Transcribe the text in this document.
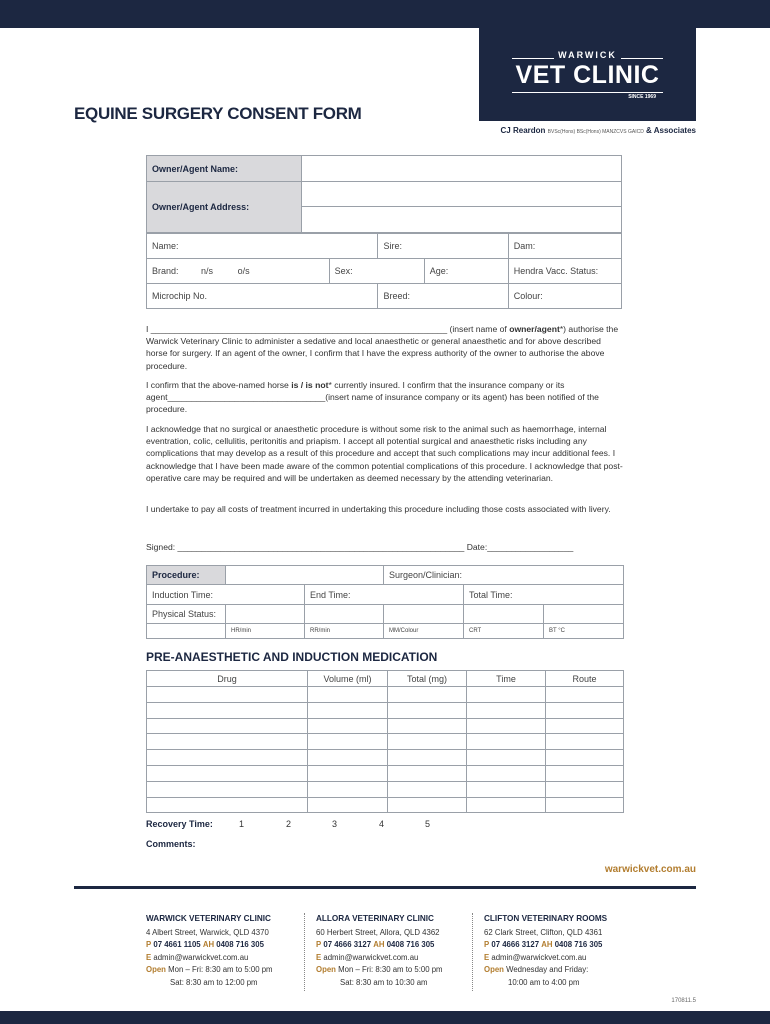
WARWICK
VET CLINIC
SINCE 1969
CJ Reardon BVSc(Hons) BSc(Hons) MANZCVS GAICD & Associates
EQUINE SURGERY CONSENT FORM
Owner/Agent Name:	
Owner/Agent Address:	

Name:		Sire:		Dam:
Brand: n/s o/s	Sex:		Age:	Hendra Vacc. Status:
Microchip No.		Breed:		Colour:
I ______________________________________________________________ (insert name of owner/agent*) authorise the Warwick Veterinary Clinic to administer a sedative and local anaesthetic or general anaesthetic and for above described horse for surgery. If an agent of the owner, I confirm that I have the express authority of the owner to authorise the above procedure.
I confirm that the above-named horse is / is not* currently insured. I confirm that the insurance company or its agent_________________________________(insert name of insurance company or its agent) has been notified of the procedure.
I acknowledge that no surgical or anaesthetic procedure is without some risk to the animal such as haemorrhage, internal eventration, colic, cellulitis, peritonitis and priapism. I accept all potential surgical and anaesthetic risks including any complications that may develop as a result of this procedure and accept that such complications may incur additional fees. I acknowledge that I have been made aware of the common potential complications of this procedure. I acknowledge that post-operative care may be required and will be undertaken as deemed necessary by the attending veterinarian.
I undertake to pay all costs of treatment incurred in undertaking this procedure including those costs associated with livery.
Signed: ____________________________________________________________ Date:__________________
Procedure:			Surgeon/Clinician:		
Induction Time:		End Time:		Total Time:	
Physical Status:					
	HR/min	RR/min	MM/Colour	CRT	BT °C
PRE-ANAESTHETIC AND INDUCTION MEDICATION
Drug	Volume (ml)	Total (mg)	Time	Route

Recovery Time:	1	2	3	4	5
Comments:
warwickvet.com.au
WARWICK VETERINARY CLINIC
4 Albert Street, Warwick, QLD 4370
P 07 4661 1105 AH 0408 716 305
E admin@warwickvet.com.au
Open Mon – Fri: 8:30 am to 5:00 pm
Sat: 8:30 am to 12:00 pm
ALLORA VETERINARY CLINIC
60 Herbert Street, Allora, QLD 4362
P 07 4666 3127 AH 0408 716 305
E admin@warwickvet.com.au
Open Mon – Fri: 8:30 am to 5:00 pm
Sat: 8:30 am to 10:30 am
CLIFTON VETERINARY ROOMS
62 Clark Street, Clifton, QLD 4361
P 07 4666 3127 AH 0408 716 305
E admin@warwickvet.com.au
Open Wednesday and Friday:
10:00 am to 4:00 pm
170811.5
